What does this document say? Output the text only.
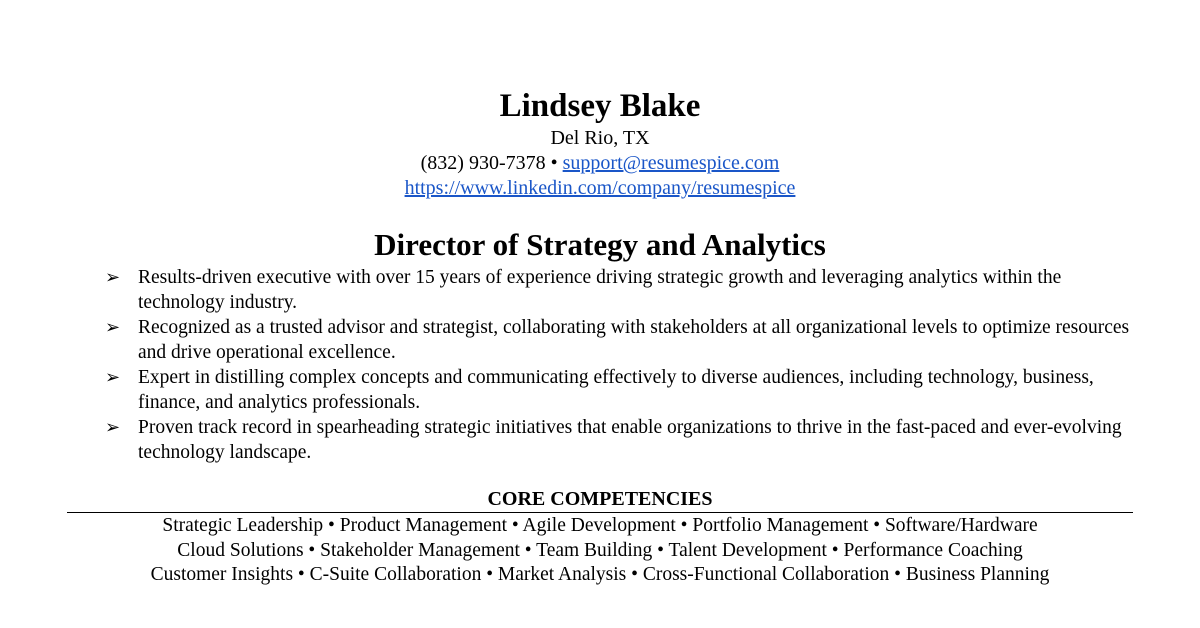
Lindsey Blake

Del Rio, TX

(832) 930-7378 • support@resumespice.com

https://www.linkedin.com/company/resumespice

Director of Strategy and Analytics

➢ Results-driven executive with over 15 years of experience driving strategic growth and leveraging analytics within the technology industry.
➢ Recognized as a trusted advisor and strategist, collaborating with stakeholders at all organizational levels to optimize resources and drive operational excellence.
➢ Expert in distilling complex concepts and communicating effectively to diverse audiences, including technology, business, finance, and analytics professionals.
➢ Proven track record in spearheading strategic initiatives that enable organizations to thrive in the fast-paced and ever-evolving technology landscape.

CORE COMPETENCIES

Strategic Leadership • Product Management • Agile Development • Portfolio Management • Software/Hardware

Cloud Solutions • Stakeholder Management • Team Building • Talent Development • Performance Coaching

Customer Insights • C-Suite Collaboration • Market Analysis • Cross-Functional Collaboration • Business Planning
